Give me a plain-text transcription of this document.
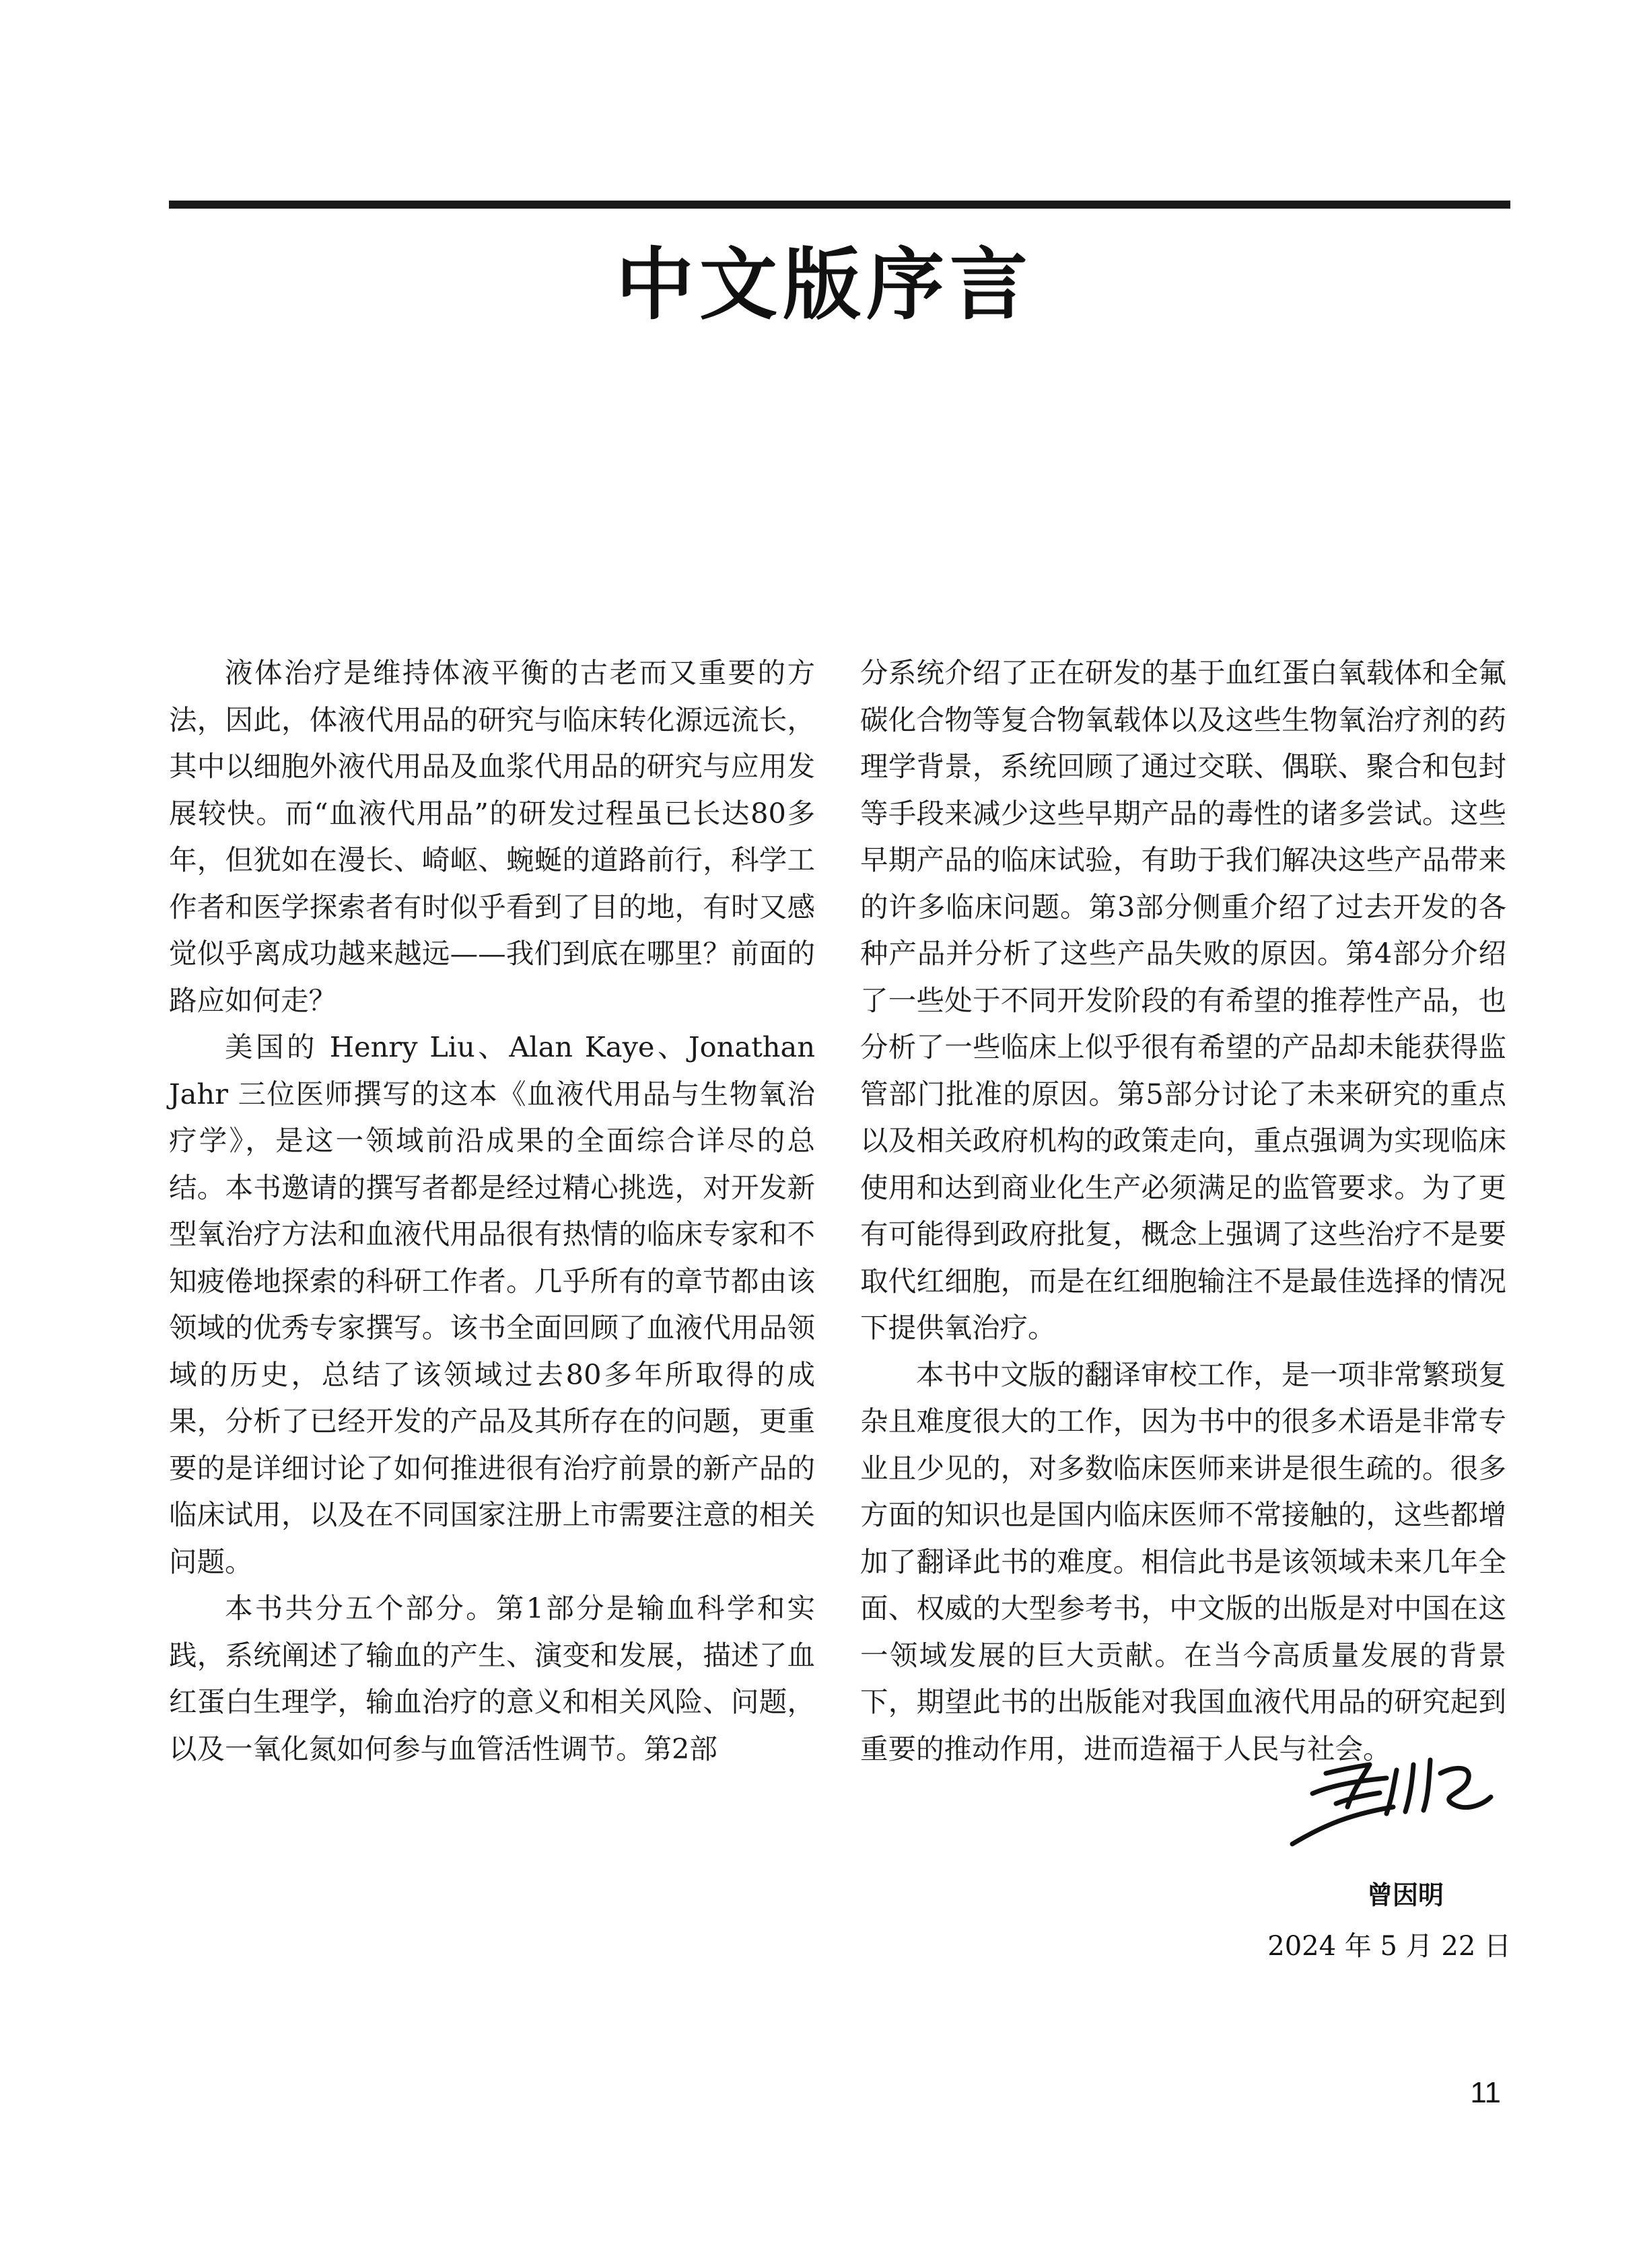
中文版序言

液体治疗是维持体液平衡的古老而又重要的方法，因此，体液代用品的研究与临床转化源远流长，其中以细胞外液代用品及血浆代用品的研究与应用发展较快。而“血液代用品”的研发过程虽已长达80多年，但犹如在漫长、崎岖、蜿蜒的道路前行，科学工作者和医学探索者有时似乎看到了目的地，有时又感觉似乎离成功越来越远——我们到底在哪里？前面的路应如何走？

美国的 Henry Liu、Alan Kaye、Jonathan Jahr 三位医师撰写的这本《血液代用品与生物氧治疗学》，是这一领域前沿成果的全面综合详尽的总结。本书邀请的撰写者都是经过精心挑选，对开发新型氧治疗方法和血液代用品很有热情的临床专家和不知疲倦地探索的科研工作者。几乎所有的章节都由该领域的优秀专家撰写。该书全面回顾了血液代用品领域的历史，总结了该领域过去80多年所取得的成果，分析了已经开发的产品及其所存在的问题，更重要的是详细讨论了如何推进很有治疗前景的新产品的临床试用，以及在不同国家注册上市需要注意的相关问题。

本书共分五个部分。第1部分是输血科学和实践，系统阐述了输血的产生、演变和发展，描述了血红蛋白生理学，输血治疗的意义和相关风险、问题，以及一氧化氮如何参与血管活性调节。第2部

分系统介绍了正在研发的基于血红蛋白氧载体和全氟碳化合物等复合物氧载体以及这些生物氧治疗剂的药理学背景，系统回顾了通过交联、偶联、聚合和包封等手段来减少这些早期产品的毒性的诸多尝试。这些早期产品的临床试验，有助于我们解决这些产品带来的许多临床问题。第3部分侧重介绍了过去开发的各种产品并分析了这些产品失败的原因。第4部分介绍了一些处于不同开发阶段的有希望的推荐性产品，也分析了一些临床上似乎很有希望的产品却未能获得监管部门批准的原因。第5部分讨论了未来研究的重点以及相关政府机构的政策走向，重点强调为实现临床使用和达到商业化生产必须满足的监管要求。为了更有可能得到政府批复，概念上强调了这些治疗不是要取代红细胞，而是在红细胞输注不是最佳选择的情况下提供氧治疗。

本书中文版的翻译审校工作，是一项非常繁琐复杂且难度很大的工作，因为书中的很多术语是非常专业且少见的，对多数临床医师来讲是很生疏的。很多方面的知识也是国内临床医师不常接触的，这些都增加了翻译此书的难度。相信此书是该领域未来几年全面、权威的大型参考书，中文版的出版是对中国在这一领域发展的巨大贡献。在当今高质量发展的背景下，期望此书的出版能对我国血液代用品的研究起到重要的推动作用，进而造福于人民与社会。

曾因明
2024 年 5 月 22 日
11
